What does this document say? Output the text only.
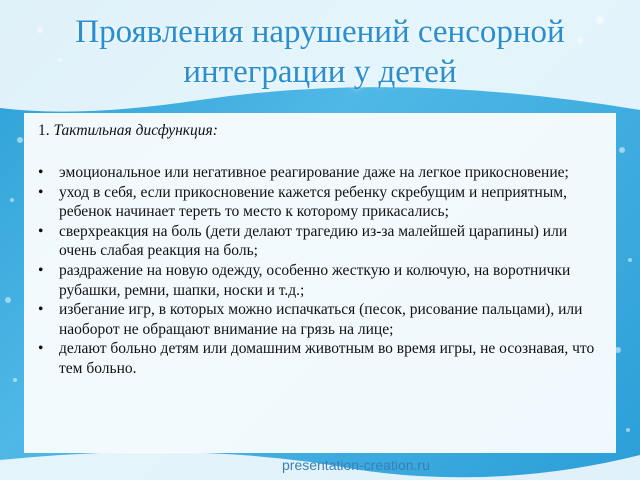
Проявления нарушений сенсорной
интеграции у детей
1. Тактильная дисфункция:
• эмоциональное или негативное реагирование даже на легкое прикосновение;
• уход в себя, если прикосновение кажется ребенку скребущим и неприятным, ребенок начинает тереть то место к которому прикасались;
• сверхреакция на боль (дети делают трагедию из-за малейшей царапины) или очень слабая реакция на боль;
• раздражение на новую одежду, особенно жесткую и колючую, на воротнички рубашки, ремни, шапки, носки и т.д.;
• избегание игр, в которых можно испачкаться (песок, рисование пальцами), или наоборот не обращают внимание на грязь на лице;
• делают больно детям или домашним животным во время игры, не осознавая, что тем больно.
presentation-creation.ru
